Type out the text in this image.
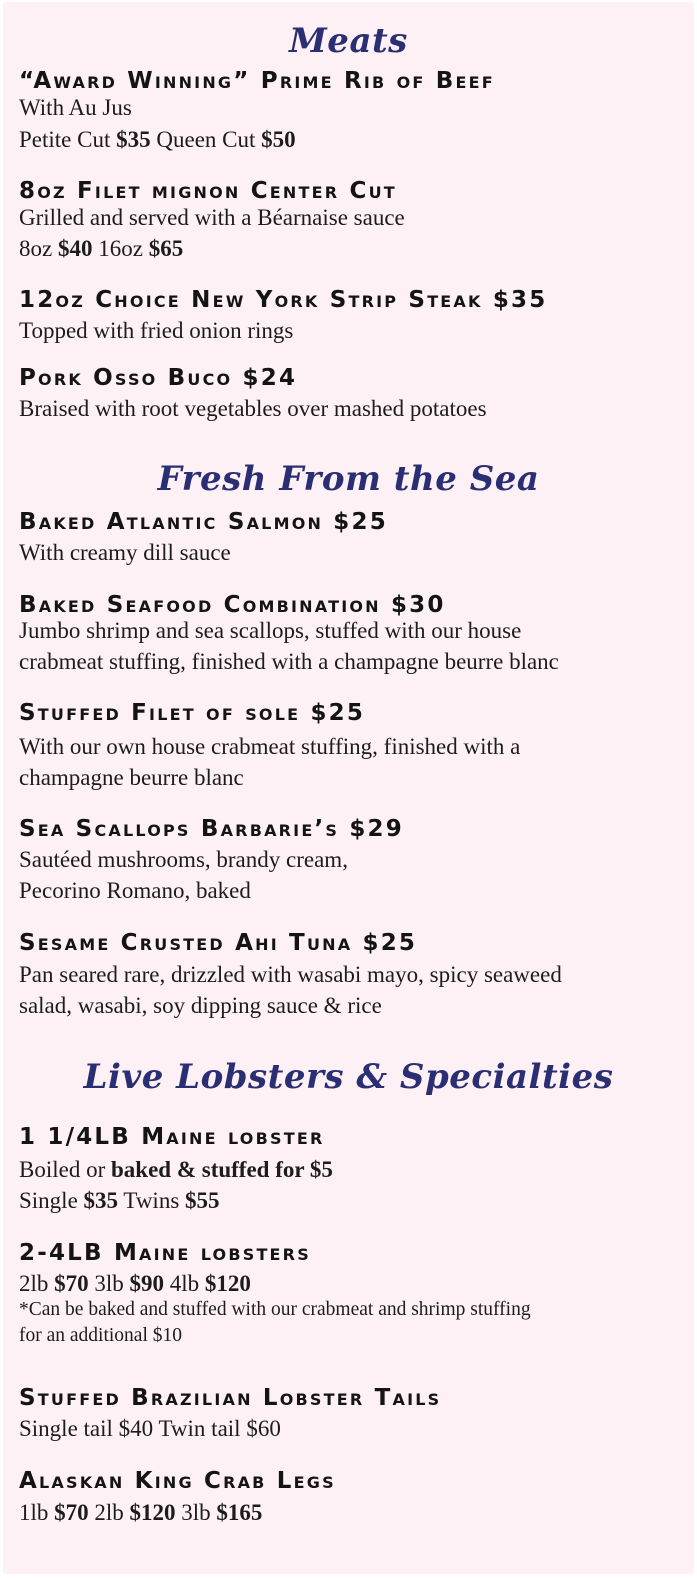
Meats
“Award Winning” Prime Rib of Beef
With Au Jus
Petite Cut $35 Queen Cut $50
8oz Filet mignon Center Cut
Grilled and served with a Béarnaise sauce
8oz $40 16oz $65
12oz Choice New York Strip Steak $35
Topped with fried onion rings
Pork Osso Buco $24
Braised with root vegetables over mashed potatoes
Fresh From the Sea
Baked Atlantic Salmon $25
With creamy dill sauce
Baked Seafood Combination $30
Jumbo shrimp and sea scallops, stuffed with our house
crabmeat stuffing, finished with a champagne beurre blanc
Stuffed Filet of sole $25
With our own house crabmeat stuffing, finished with a
champagne beurre blanc
Sea Scallops Barbarie’s $29
Sautéed mushrooms, brandy cream,
Pecorino Romano, baked
Sesame Crusted Ahi Tuna $25
Pan seared rare, drizzled with wasabi mayo, spicy seaweed
salad, wasabi, soy dipping sauce & rice
Live Lobsters & Specialties
1 1/4LB Maine lobster
Boiled or baked & stuffed for $5
Single $35 Twins $55
2-4LB Maine lobsters
2lb $70 3lb $90 4lb $120
*Can be baked and stuffed with our crabmeat and shrimp stuffing
for an additional $10
Stuffed Brazilian Lobster Tails
Single tail $40 Twin tail $60
Alaskan King Crab Legs
1lb $70 2lb $120 3lb $165
